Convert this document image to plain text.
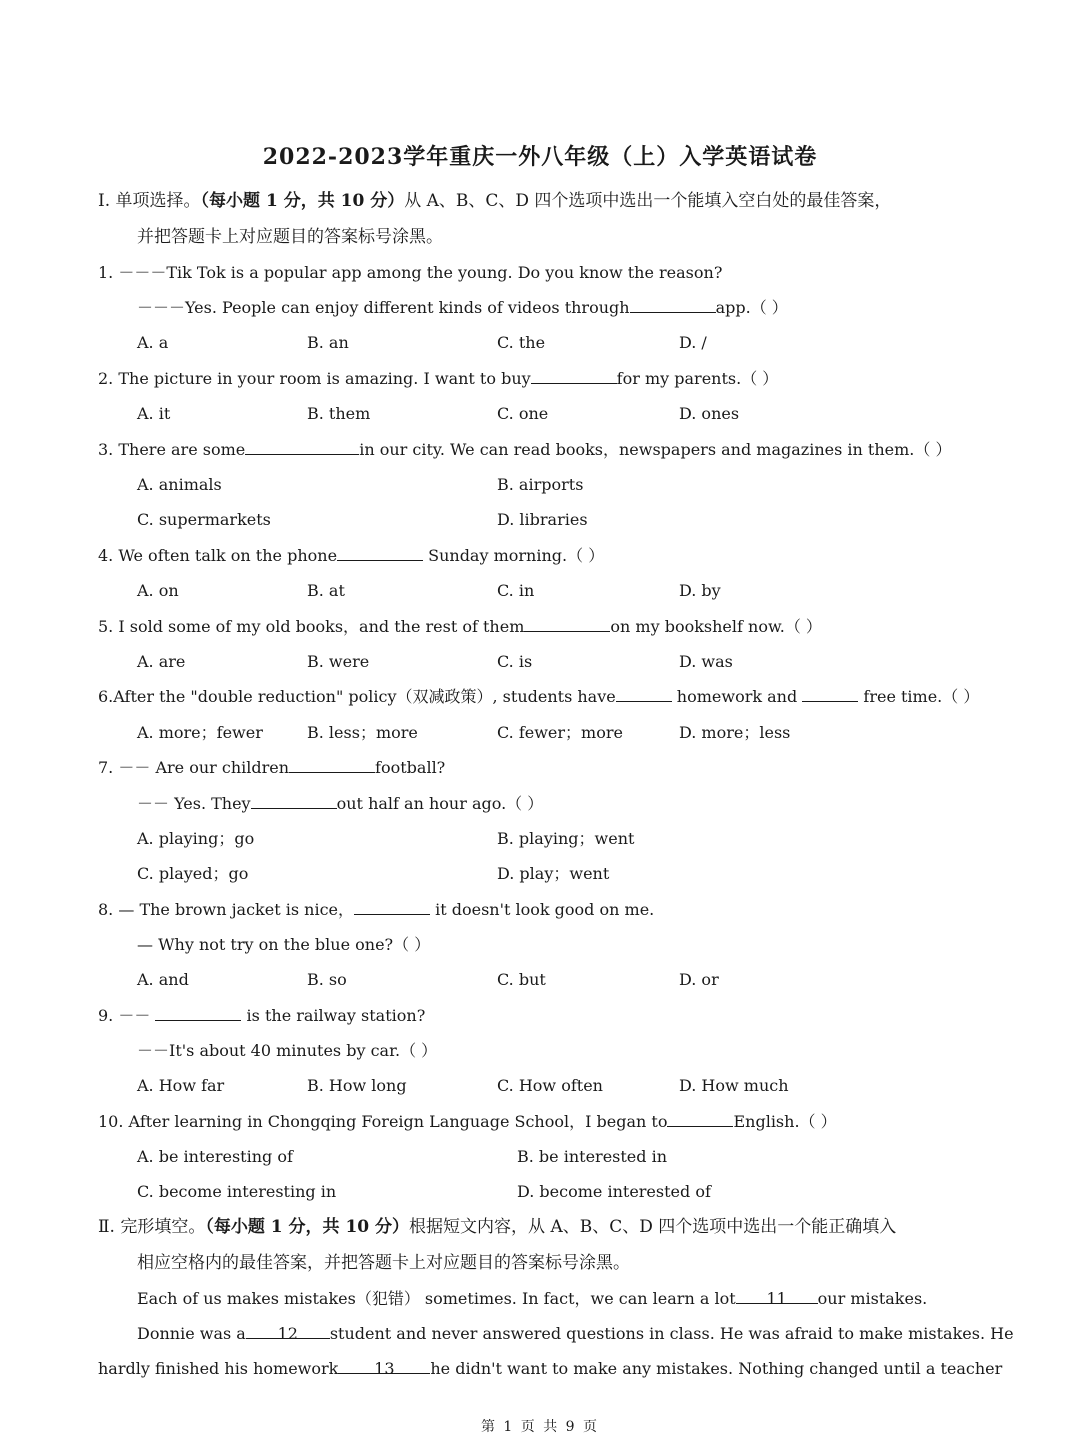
2022-2023学年重庆一外八年级（上）入学英语试卷
Ⅰ. 单项选择。（每小题 1 分，共 10 分）从 A、B、C、D 四个选项中选出一个能填入空白处的最佳答案，
并把答题卡上对应题目的答案标号涂黑。
1. －－－Tik Tok is a popular app among the young. Do you know the reason?
－－－Yes. People can enjoy different kinds of videos through	app.（ ）
A. a	B. an	C. the	D. /
2. The picture in your room is amazing. I want to buy	for my parents.（ ）
A. it	B. them	C. one	D. ones
3. There are some	in our city. We can read books，newspapers and magazines in them.（ ）
A. animals	B. airports
C. supermarkets	D. libraries
4. We often talk on the phone	Sunday morning.（ ）
A. on	B. at	C. in	D. by
5. I sold some of my old books，and the rest of them	on my bookshelf now.（ ）
A. are	B. were	C. is	D. was
6.After the "double reduction" policy（双减政策）, students have	homework and	free time.（ ）
A. more；fewer	B. less；more	C. fewer；more	D. more；less
7. －－ Are our children	football?
－－ Yes. They	out half an hour ago.（ ）
A. playing；go	B. playing；went
C. played；go	D. play；went
8. — The brown jacket is nice，	it doesn't look good on me.
— Why not try on the blue one?（ ）
A. and	B. so	C. but	D. or
9. －－	is the railway station?
－－It's about 40 minutes by car.（ ）
A. How far	B. How long	C. How often	D. How much
10. After learning in Chongqing Foreign Language School，I began to	English.（ ）
A. be interesting of	B. be interested in
C. become interesting in	D. become interested of
Ⅱ. 完形填空。（每小题 1 分，共 10 分）根据短文内容，从 A、B、C、D 四个选项中选出一个能正确填入
相应空格内的最佳答案，并把答题卡上对应题目的答案标号涂黑。
Each of us makes mistakes（犯错） sometimes. In fact，we can learn a lot 11 our mistakes.
Donnie was a 12 student and never answered questions in class. He was afraid to make mistakes. He
hardly finished his homework 13 he didn't want to make any mistakes. Nothing changed until a teacher
第 1 页 共 9 页
